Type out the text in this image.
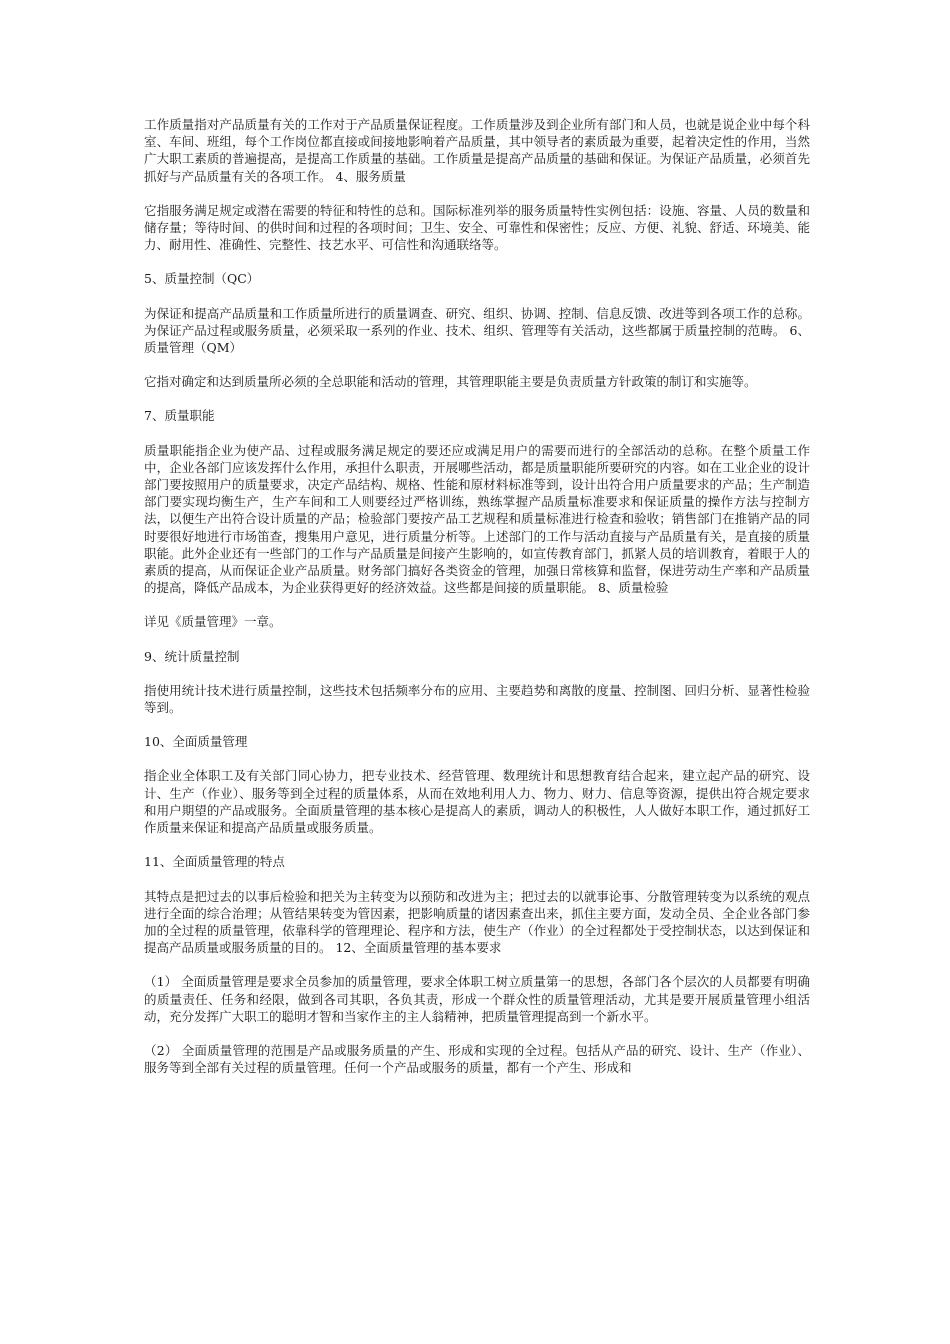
工作质量指对产品质量有关的工作对于产品质量保证程度。工作质量涉及到企业所有部门和人员，也就是说企业中每个科室、车间、班组，每个工作岗位都直接或间接地影响着产品质量，其中领导者的素质最为重要，起着决定性的作用，当然广大职工素质的普遍提高，是提高工作质量的基础。工作质量是提高产品质量的基础和保证。为保证产品质量，必须首先抓好与产品质量有关的各项工作。 4、服务质量

它指服务满足规定或潜在需要的特征和特性的总和。国际标准列举的服务质量特性实例包括：设施、容量、人员的数量和储存量；等待时间、的供时间和过程的各项时间；卫生、安全、可靠性和保密性；反应、方便、礼貌、舒适、环境美、能力、耐用性、准确性、完整性、技艺水平、可信性和沟通联络等。

5、质量控制（QC）

为保证和提高产品质量和工作质量所进行的质量调查、研究、组织、协调、控制、信息反馈、改进等到各项工作的总称。为保证产品过程或服务质量，必须采取一系列的作业、技术、组织、管理等有关活动，这些都属于质量控制的范畴。 6、质量管理（QM）

它指对确定和达到质量所必须的全总职能和活动的管理，其管理职能主要是负责质量方针政策的制订和实施等。

7、质量职能

质量职能指企业为使产品、过程或服务满足规定的要还应或满足用户的需要而进行的全部活动的总称。在整个质量工作中，企业各部门应该发挥什么作用，承担什么职责，开展哪些活动，都是质量职能所要研究的内容。如在工业企业的设计部门要按照用户的质量要求，决定产品结构、规格、性能和原材料标准等到，设计出符合用户质量要求的产品；生产制造部门要实现均衡生产，生产车间和工人则要经过严格训练，熟练掌握产品质量标准要求和保证质量的操作方法与控制方法，以便生产出符合设计质量的产品；检验部门要按产品工艺规程和质量标准进行检查和验收；销售部门在推销产品的同时要很好地进行市场笛查，搜集用户意见，进行质量分析等。上述部门的工作与活动直接与产品质量有关，是直接的质量职能。此外企业还有一些部门的工作与产品质量是间接产生影响的，如宣传教育部门，抓紧人员的培训教育，着眼于人的素质的提高，从而保证企业产品质量。财务部门搞好各类资金的管理，加强日常核算和监督，保进劳动生产率和产品质量的提高，降低产品成本，为企业获得更好的经济效益。这些都是间接的质量职能。 8、质量检验

详见《质量管理》一章。

9、统计质量控制

指使用统计技术进行质量控制，这些技术包括频率分布的应用、主要趋势和离散的度量、控制图、回归分析、显著性检验等到。

10、全面质量管理

指企业全体职工及有关部门同心协力，把专业技术、经营管理、数理统计和思想教育结合起来，建立起产品的研究、设计、生产（作业）、服务等到全过程的质量体系，从而在效地利用人力、物力、财力、信息等资源，提供出符合规定要求和用户期望的产品或服务。全面质量管理的基本核心是提高人的素质，调动人的积极性，人人做好本职工作，通过抓好工作质量来保证和提高产品质量或服务质量。

11、全面质量管理的特点

其特点是把过去的以事后检验和把关为主转变为以预防和改进为主；把过去的以就事论事、分散管理转变为以系统的观点进行全面的综合治理；从管结果转变为管因素，把影响质量的诸因素查出来，抓住主要方面，发动全员、全企业各部门参加的全过程的质量管理，依靠科学的管理理论、程序和方法，使生产（作业）的全过程都处于受控制状态，以达到保证和提高产品质量或服务质量的目的。 12、全面质量管理的基本要求

（1） 全面质量管理是要求全员参加的质量管理，要求全体职工树立质量第一的思想，各部门各个层次的人员都要有明确的质量责任、任务和经限，做到各司其职，各负其责，形成一个群众性的质量管理活动，尤其是要开展质量管理小组活动，充分发挥广大职工的聪明才智和当家作主的主人翁精神，把质量管理提高到一个新水平。

（2） 全面质量管理的范围是产品或服务质量的产生、形成和实现的全过程。包括从产品的研究、设计、生产（作业）、服务等到全部有关过程的质量管理。任何一个产品或服务的质量，都有一个产生、形成和
